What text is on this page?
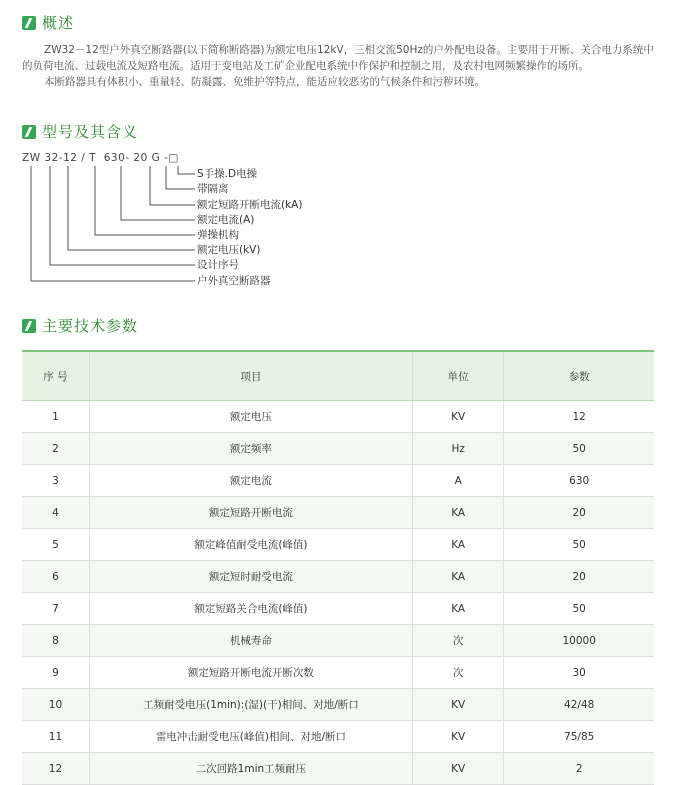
概述

ZW32－12型户外真空断路器(以下简称断路器)为额定电压12kV，三相交流50Hz的户外配电设备。主要用于开断、关合电力系统中的负荷电流、过载电流及短路电流。适用于变电站及工矿企业配电系统中作保护和控制之用，及农村电网频繁操作的场所。

本断路器具有体积小、重量轻、防凝露、免维护等特点，能适应较恶劣的气候条件和污秽环境。

型号及其含义
ZW 32-12 / T  630- 20 G -□
S手操.D电操
带隔离
额定短路开断电流(kA)
额定电流(A)
弹操机构
额定电压(kV)
设计序号
户外真空断路器
主要技术参数
序 号	项目	单位	参数
1	额定电压	KV	12
2	额定频率	Hz	50
3	额定电流	A	630
4	额定短路开断电流	KA	20
5	额定峰值耐受电流(峰值)	KA	50
6	额定短时耐受电流	KA	20
7	额定短路关合电流(峰值)	KA	50
8	机械寿命	次	10000
9	额定短路开断电流开断次数	次	30
10	工频耐受电压(1min):(湿)(干)相间、对地/断口	KV	42/48
11	雷电冲击耐受电压(峰值)相间、对地/断口	KV	75/85
12	二次回路1min工频耐压	KV	2
